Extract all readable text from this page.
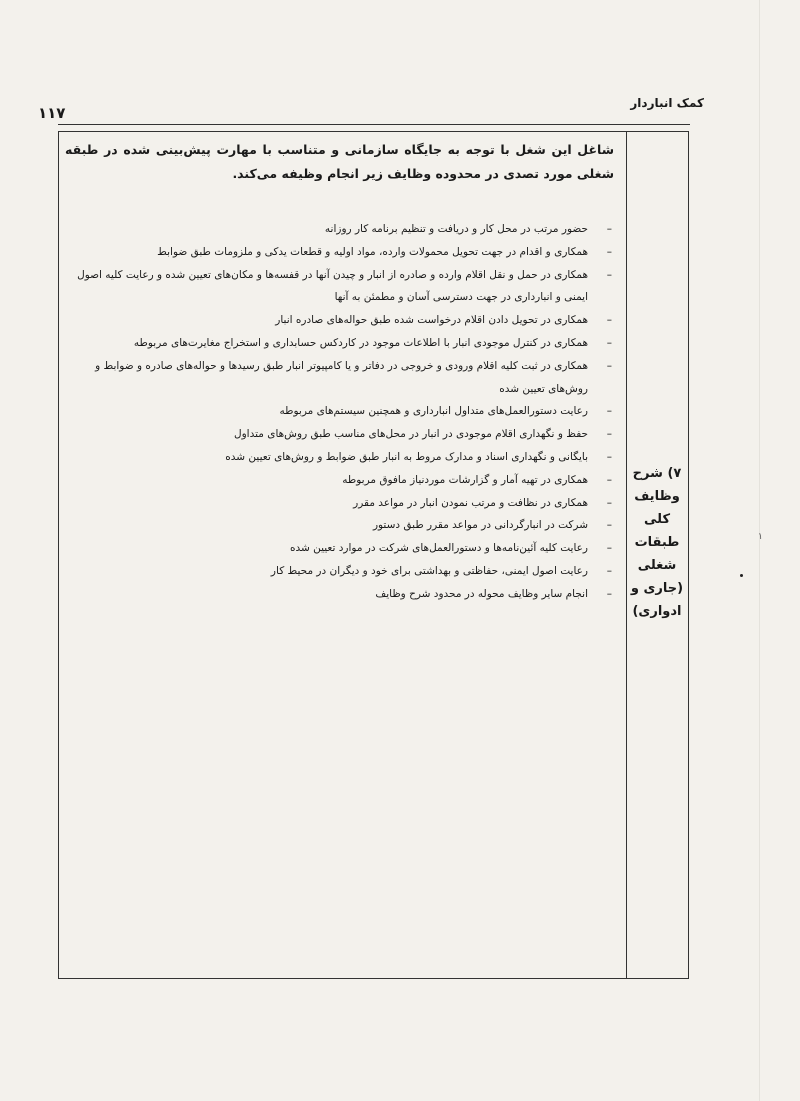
کمک انباردار
۱۱۷
۷) شرح
وظایف
کلی
طبقات
شغلی
(جاری و
ادواری)
شاغل این شغل با توجه به جایگاه سازمانی و متناسب با مهارت پیش‌بینی شده در طبقه شغلی مورد تصدی در محدوده وظایف زیر انجام وظیفه می‌کند.
–
حضور مرتب در محل کار و دریافت و تنظیم برنامه کار روزانه
–
همکاری و اقدام در جهت تحویل محمولات وارده، مواد اولیه و قطعات یدکی و ملزومات طبق ضوابط
–
همکاری در حمل و نقل اقلام وارده و صادره از انبار و چیدن آنها در قفسه‌ها و مکان‌های تعیین شده و رعایت کلیه اصول ایمنی و انبارداری در جهت دسترسی آسان و مطمئن به آنها
–
همکاری در تحویل دادن اقلام درخواست شده طبق حواله‌های صادره انبار
–
همکاری در کنترل موجودی انبار با اطلاعات موجود در کاردکس حسابداری و استخراج مغایرت‌های مربوطه
–
همکاری در ثبت کلیه اقلام ورودی و خروجی در دفاتر و یا کامپیوتر انبار طبق رسیدها و حواله‌های صادره و ضوابط و روش‌های تعیین شده
–
رعایت دستورالعمل‌های متداول انبارداری و همچنین سیستم‌های مربوطه
–
حفظ و نگهداری اقلام موجودی در انبار در محل‌های مناسب طبق روش‌های متداول
–
بایگانی و نگهداری اسناد و مدارک مروط به انبار طبق ضوابط و روش‌های تعیین شده
–
همکاری در تهیه آمار و گزارشات موردنیاز مافوق مربوطه
–
همکاری در نظافت و مرتب نمودن انبار در مواعد مقرر
–
شرکت در انبارگردانی در مواعد مقرر طبق دستور
–
رعایت کلیه آئین‌نامه‌ها و دستورالعمل‌های شرکت در موارد تعیین شده
–
رعایت اصول ایمنی، حفاظتی و بهداشتی برای خود و دیگران در محیط کار
–
انجام سایر وظایف محوله در محدود شرح وظایف
۱
